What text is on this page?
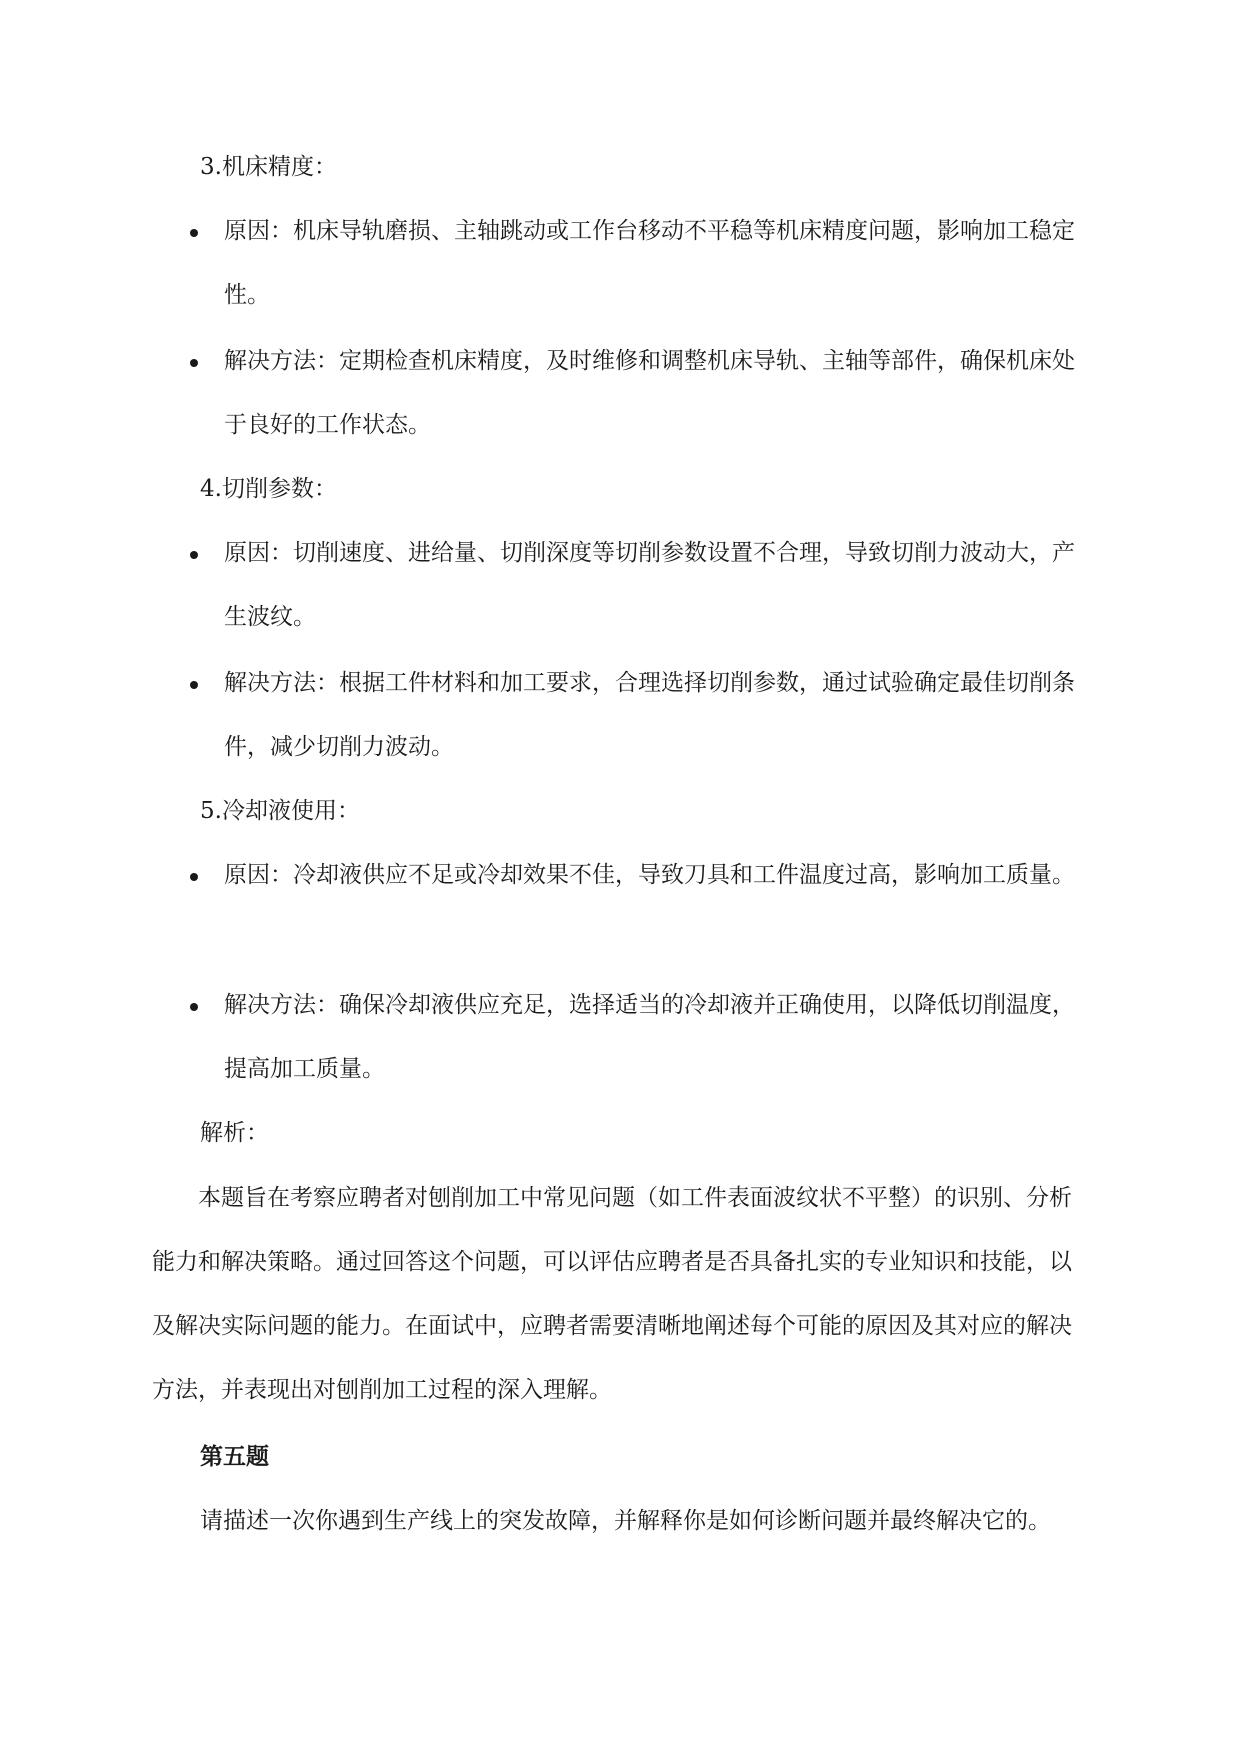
3.机床精度：
原因：机床导轨磨损、主轴跳动或工作台移动不平稳等机床精度问题，影响加工稳定性。
解决方法：定期检查机床精度，及时维修和调整机床导轨、主轴等部件，确保机床处于良好的工作状态。
4.切削参数：
原因：切削速度、进给量、切削深度等切削参数设置不合理，导致切削力波动大，产生波纹。
解决方法：根据工件材料和加工要求，合理选择切削参数，通过试验确定最佳切削条件，减少切削力波动。
5.冷却液使用：
原因：冷却液供应不足或冷却效果不佳，导致刀具和工件温度过高，影响加工质量。
解决方法：确保冷却液供应充足，选择适当的冷却液并正确使用，以降低切削温度，提高加工质量。
解析：
本题旨在考察应聘者对刨削加工中常见问题（如工件表面波纹状不平整）的识别、分析能力和解决策略。通过回答这个问题，可以评估应聘者是否具备扎实的专业知识和技能，以及解决实际问题的能力。在面试中，应聘者需要清晰地阐述每个可能的原因及其对应的解决方法，并表现出对刨削加工过程的深入理解。
第五题
请描述一次你遇到生产线上的突发故障，并解释你是如何诊断问题并最终解决它的。
